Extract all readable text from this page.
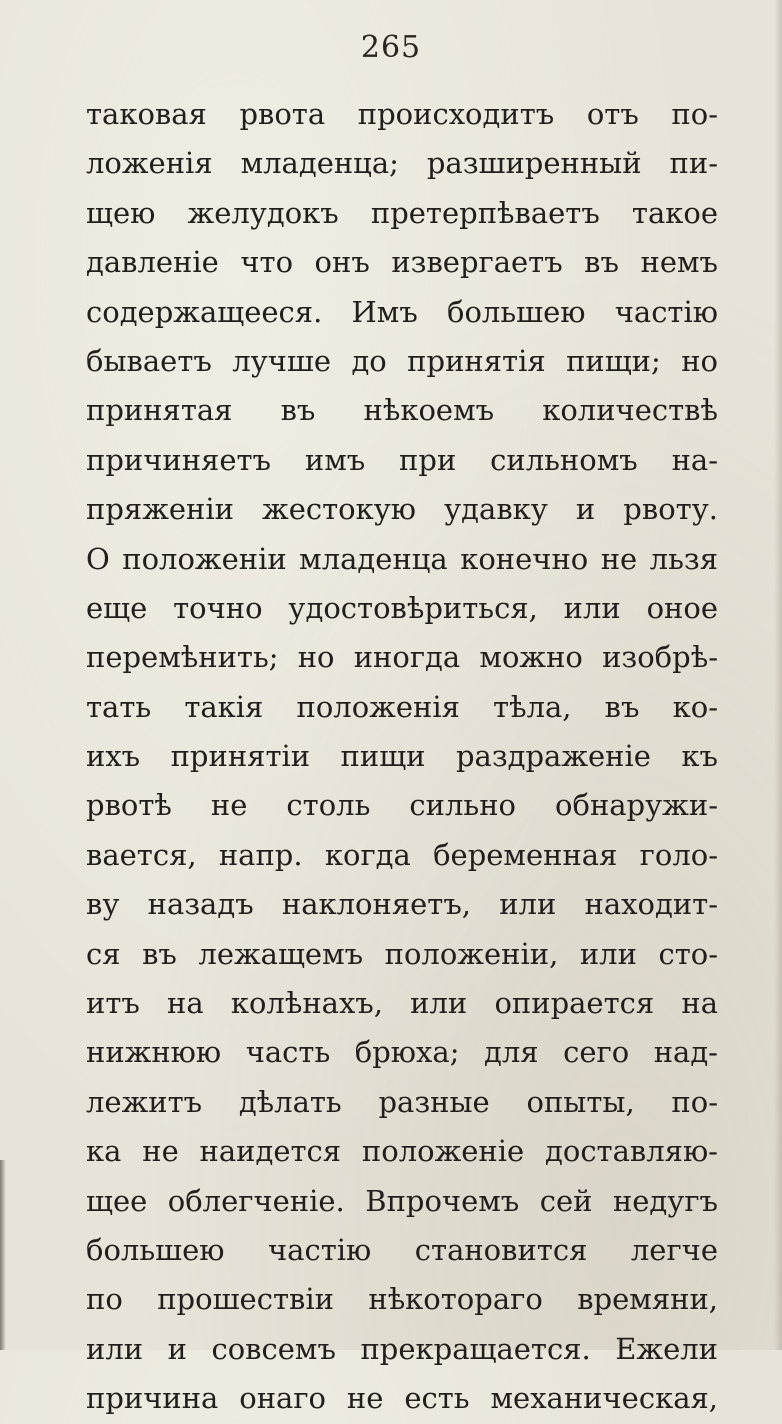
265
таковая рвота происходитъ отъ по-
ложенія младенца; разширенный пи-
щею желудокъ претерпѣваетъ такое
давленіе что онъ извергаетъ въ немъ
содержащееся. Имъ большею частію
бываетъ лучше до принятія пищи; но
принятая въ нѣкоемъ количествѣ
причиняетъ имъ при сильномъ на-
пряженіи жестокую удавку и рвоту.
О положеніи младенца конечно не льзя
еще точно удостовѣриться, или оное
перемѣнить; но иногда можно изобрѣ-
тать такія положенія тѣла, въ ко-
ихъ принятіи пищи раздраженіе къ
рвотѣ не столь сильно обнаружи-
вается, напр. когда беременная голо-
ву назадъ наклоняетъ, или находит-
ся въ лежащемъ положеніи, или сто-
итъ на колѣнахъ, или опирается на
нижнюю часть брюха; для сего над-
лежитъ дѣлать разные опыты, по-
ка не наидется положеніе доставляю-
щее облегченіе. Впрочемъ сей недугъ
большею частію становится легче
по прошествіи нѣкотораго времяни,
или и совсемъ прекращается. Ежели
причина онаго не есть механическая,
